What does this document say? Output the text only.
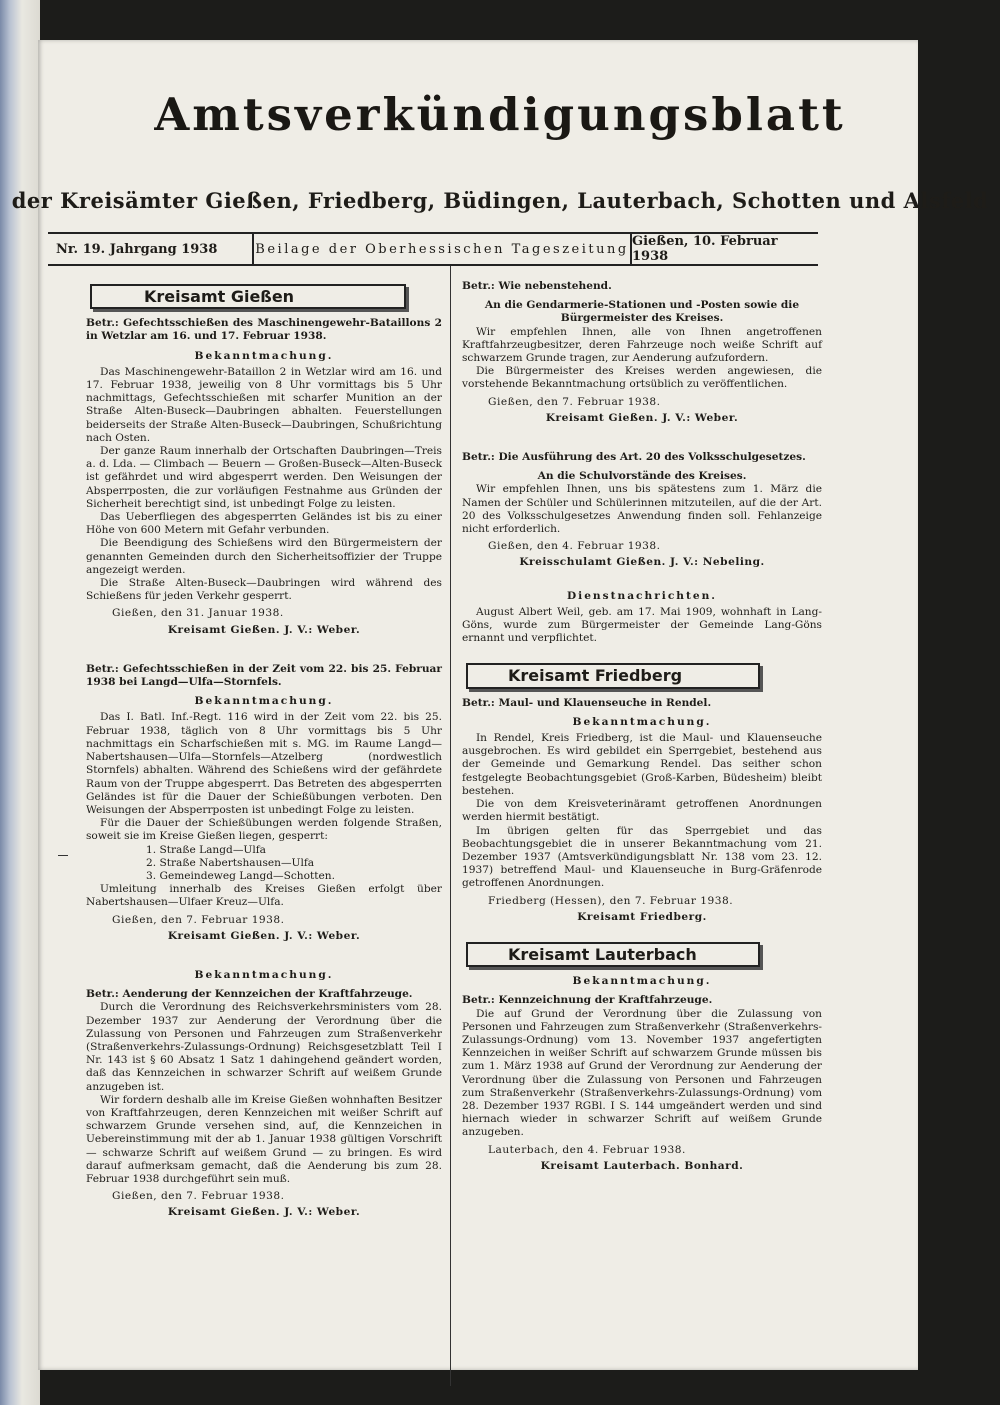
Amtsverkündigungsblatt
der Kreisämter Gießen, Friedberg, Büdingen, Lauterbach, Schotten und Alsfeld
Nr. 19. Jahrgang 1938	Beilage der Oberhessischen Tageszeitung Gießen, 10. Februar 1938
Kreisamt Gießen

Betr.: Gefechtsschießen des Maschinengewehr-Bataillons 2 in Wetzlar am 16. und 17. Februar 1938.

Bekanntmachung.

Das Maschinengewehr-Bataillon 2 in Wetzlar wird am 16. und 17. Februar 1938, jeweilig von 8 Uhr vormittags bis 5 Uhr nachmittags, Gefechtsschießen mit scharfer Munition an der Straße Alten-Buseck—Daubringen abhalten. Feuerstellungen beiderseits der Straße Alten-Buseck—Daubringen, Schußrichtung nach Osten.

Der ganze Raum innerhalb der Ortschaften Daubringen—Treis a. d. Lda. — Climbach — Beuern — Großen-Buseck—Alten-Buseck ist gefährdet und wird abgesperrt werden. Den Weisungen der Absperrposten, die zur vorläufigen Festnahme aus Gründen der Sicherheit berechtigt sind, ist unbedingt Folge zu leisten.

Das Ueberfliegen des abgesperrten Geländes ist bis zu einer Höhe von 600 Metern mit Gefahr verbunden.

Die Beendigung des Schießens wird den Bürgermeistern der genannten Gemeinden durch den Sicherheitsoffizier der Truppe angezeigt werden.

Die Straße Alten-Buseck—Daubringen wird während des Schießens für jeden Verkehr gesperrt.

Gießen, den 31. Januar 1938.

Kreisamt Gießen. J. V.: Weber.

Betr.: Gefechtsschießen in der Zeit vom 22. bis 25. Februar 1938 bei Langd—Ulfa—Stornfels.

Bekanntmachung.

Das I. Batl. Inf.-Regt. 116 wird in der Zeit vom 22. bis 25. Februar 1938, täglich von 8 Uhr vormittags bis 5 Uhr nachmittags ein Scharfschießen mit s. MG. im Raume Langd—Nabertshausen—Ulfa—Stornfels—Atzelberg (nordwestlich Stornfels) abhalten. Während des Schießens wird der gefährdete Raum von der Truppe abgesperrt. Das Betreten des abgesperrten Geländes ist für die Dauer der Schießübungen verboten. Den Weisungen der Absperrposten ist unbedingt Folge zu leisten.

Für die Dauer der Schießübungen werden folgende Straßen, soweit sie im Kreise Gießen liegen, gesperrt:

1. Straße Langd—Ulfa

2. Straße Nabertshausen—Ulfa

3. Gemeindeweg Langd—Schotten.

Umleitung innerhalb des Kreises Gießen erfolgt über Nabertshausen—Ulfaer Kreuz—Ulfa.

Gießen, den 7. Februar 1938.

Kreisamt Gießen. J. V.: Weber.

Bekanntmachung.

Betr.: Aenderung der Kennzeichen der Kraftfahrzeuge.

Durch die Verordnung des Reichsverkehrsministers vom 28. Dezember 1937 zur Aenderung der Verordnung über die Zulassung von Personen und Fahrzeugen zum Straßenverkehr (Straßenverkehrs-Zulassungs-Ordnung) Reichsgesetzblatt Teil I Nr. 143 ist § 60 Absatz 1 Satz 1 dahingehend geändert worden, daß das Kennzeichen in schwarzer Schrift auf weißem Grunde anzugeben ist.

Wir fordern deshalb alle im Kreise Gießen wohnhaften Besitzer von Kraftfahrzeugen, deren Kennzeichen mit weißer Schrift auf schwarzem Grunde versehen sind, auf, die Kennzeichen in Uebereinstimmung mit der ab 1. Januar 1938 gültigen Vorschrift — schwarze Schrift auf weißem Grund — zu bringen. Es wird darauf aufmerksam gemacht, daß die Aenderung bis zum 28. Februar 1938 durchgeführt sein muß.

Gießen, den 7. Februar 1938.

Kreisamt Gießen. J. V.: Weber.

Betr.: Wie nebenstehend.

An die Gendarmerie-Stationen und -Posten sowie die Bürgermeister des Kreises.

Wir empfehlen Ihnen, alle von Ihnen angetroffenen Kraftfahrzeugbesitzer, deren Fahrzeuge noch weiße Schrift auf schwarzem Grunde tragen, zur Aenderung aufzufordern.

Die Bürgermeister des Kreises werden angewiesen, die vorstehende Bekanntmachung ortsüblich zu veröffentlichen.

Gießen, den 7. Februar 1938.

Kreisamt Gießen. J. V.: Weber.

Betr.: Die Ausführung des Art. 20 des Volksschulgesetzes.

An die Schulvorstände des Kreises.

Wir empfehlen Ihnen, uns bis spätestens zum 1. März die Namen der Schüler und Schülerinnen mitzuteilen, auf die der Art. 20 des Volksschulgesetzes Anwendung finden soll. Fehlanzeige nicht erforderlich.

Gießen, den 4. Februar 1938.

Kreisschulamt Gießen. J. V.: Nebeling.

Dienstnachrichten.

August Albert Weil, geb. am 17. Mai 1909, wohnhaft in Lang-Göns, wurde zum Bürgermeister der Gemeinde Lang-Göns ernannt und verpflichtet.

Kreisamt Friedberg

Betr.: Maul- und Klauenseuche in Rendel.

Bekanntmachung.

In Rendel, Kreis Friedberg, ist die Maul- und Klauenseuche ausgebrochen. Es wird gebildet ein Sperrgebiet, bestehend aus der Gemeinde und Gemarkung Rendel. Das seither schon festgelegte Beobachtungsgebiet (Groß-Karben, Büdesheim) bleibt bestehen.

Die von dem Kreisveterinäramt getroffenen Anordnungen werden hiermit bestätigt.

Im übrigen gelten für das Sperrgebiet und das Beobachtungsgebiet die in unserer Bekanntmachung vom 21. Dezember 1937 (Amtsverkündigungsblatt Nr. 138 vom 23. 12. 1937) betreffend Maul- und Klauenseuche in Burg-Gräfenrode getroffenen Anordnungen.

Friedberg (Hessen), den 7. Februar 1938.

Kreisamt Friedberg.

Kreisamt Lauterbach

Bekanntmachung.

Betr.: Kennzeichnung der Kraftfahrzeuge.

Die auf Grund der Verordnung über die Zulassung von Personen und Fahrzeugen zum Straßenverkehr (Straßenverkehrs-Zulassungs-Ordnung) vom 13. November 1937 angefertigten Kennzeichen in weißer Schrift auf schwarzem Grunde müssen bis zum 1. März 1938 auf Grund der Verordnung zur Aenderung der Verordnung über die Zulassung von Personen und Fahrzeugen zum Straßenverkehr (Straßenverkehrs-Zulassungs-Ordnung) vom 28. Dezember 1937 RGBl. I S. 144 umgeändert werden und sind hiernach wieder in schwarzer Schrift auf weißem Grunde anzugeben.

Lauterbach, den 4. Februar 1938.

Kreisamt Lauterbach. Bonhard.
